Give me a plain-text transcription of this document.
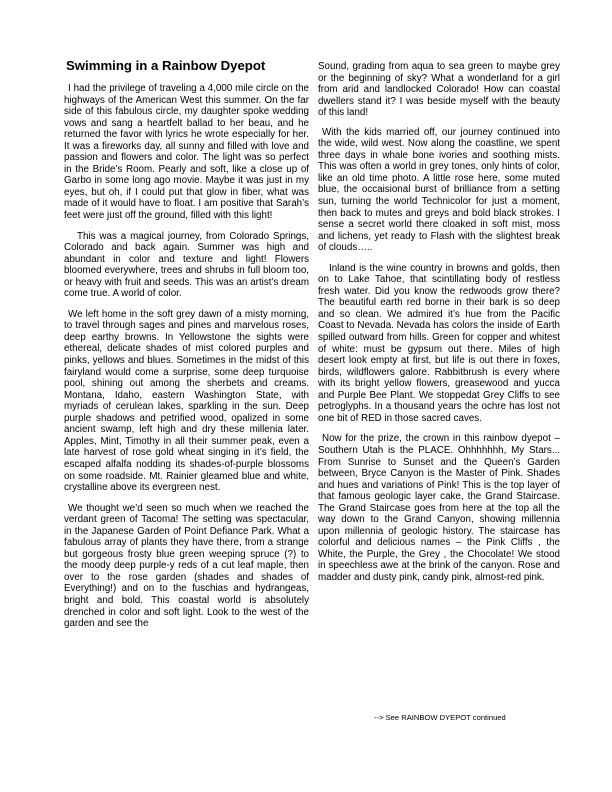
Swimming in a Rainbow Dyepot

I had the privilege of traveling a 4,000 mile circle on the highways of the American West this summer. On the far side of this fabulous circle, my daughter spoke wedding vows and sang a heartfelt ballad to her beau, and he returned the favor with lyrics he wrote especially for her. It was a fireworks day, all sunny and filled with love and passion and flowers and color. The light was so perfect in the Bride’s Room. Pearly and soft, like a close up of Garbo in some long ago movie. Maybe it was just in my eyes, but oh, if I could put that glow in fiber, what was made of it would have to float. I am positive that Sarah’s feet were just off the ground, filled with this light!

This was a magical journey, from Colorado Springs, Colorado and back again. Summer was high and abundant in color and texture and light! Flowers bloomed everywhere, trees and shrubs in full bloom too, or heavy with fruit and seeds. This was an artist’s dream come true. A world of color.

We left home in the soft grey dawn of a misty morning, to travel through sages and pines and marvelous roses, deep earthy browns. In Yellowstone the sights were ethereal, delicate shades of mist colored purples and pinks, yellows and blues. Sometimes in the midst of this fairyland would come a surprise, some deep turquoise pool, shining out among the sherbets and creams. Montana, Idaho, eastern Washington State, with myriads of cerulean lakes, sparkling in the sun. Deep purple shadows and petrified wood, opalized in some ancient swamp, left high and dry these millenia later. Apples, Mint, Timothy in all their summer peak, even a late harvest of rose gold wheat singing in it’s field, the escaped alfalfa nodding its shades-of-purple blossoms on some roadside. Mt. Rainier gleamed blue and white, crystalline above its evergreen nest.

We thought we’d seen so much when we reached the verdant green of Tacoma! The setting was spectacular, in the Japanese Garden of Point Defiance Park. What a fabulous array of plants they have there, from a strange but gorgeous frosty blue green weeping spruce (?) to the moody deep purple-y reds of a cut leaf maple, then over to the rose garden (shades and shades of Everything!) and on to the fuschias and hydrangeas, bright and bold. This coastal world is absolutely drenched in color and soft light. Look to the west of the garden and see the

Sound, grading from aqua to sea green to maybe grey or the beginning of sky? What a wonderland for a girl from arid and landlocked Colorado! How can coastal dwellers stand it? I was beside myself with the beauty of this land!

With the kids married off, our journey continued into the wide, wild west. Now along the coastline, we spent three days in whale bone ivories and soothing mists. This was often a world in grey tones, only hints of color, like an old time photo. A little rose here, some muted blue, the occaisional burst of brilliance from a setting sun, turning the world Technicolor for just a moment, then back to mutes and greys and bold black strokes. I sense a secret world there cloaked in soft mist, moss and lichens, yet ready to Flash with the slightest break of clouds…..

Inland is the wine country in browns and golds, then on to Lake Tahoe, that scintillating body of restless fresh water. Did you know the redwoods grow there? The beautiful earth red borne in their bark is so deep and so clean. We admired it’s hue from the Pacific Coast to Nevada. Nevada has colors the inside of Earth spilled outward from hills. Green for copper and whitest of white: must be gypsum out there. Miles of high desert look empty at first, but life is out there in foxes, birds, wildflowers galore. Rabbitbrush is every where with its bright yellow flowers, greasewood and yucca and Purple Bee Plant. We stoppedat Grey Cliffs to see petroglyphs. In a thousand years the ochre has lost not one bit of RED in those sacred caves.

Now for the prize, the crown in this rainbow dyepot – Southern Utah is the PLACE. Ohhhhhhh, My Stars... From Sunrise to Sunset and the Queen’s Garden between, Bryce Canyon is the Master of Pink. Shades and hues and variations of Pink! This is the top layer of that famous geologic layer cake, the Grand Staircase. The Grand Staircase goes from here at the top all the way down to the Grand Canyon, showing millennia upon millennia of geologic history. The staircase has colorful and delicious names – the Pink Cliffs , the White, the Purple, the Grey , the Chocolate! We stood in speechless awe at the brink of the canyon. Rose and madder and dusty pink, candy pink, almost-red pink.

--> See RAINBOW DYEPOT continued
